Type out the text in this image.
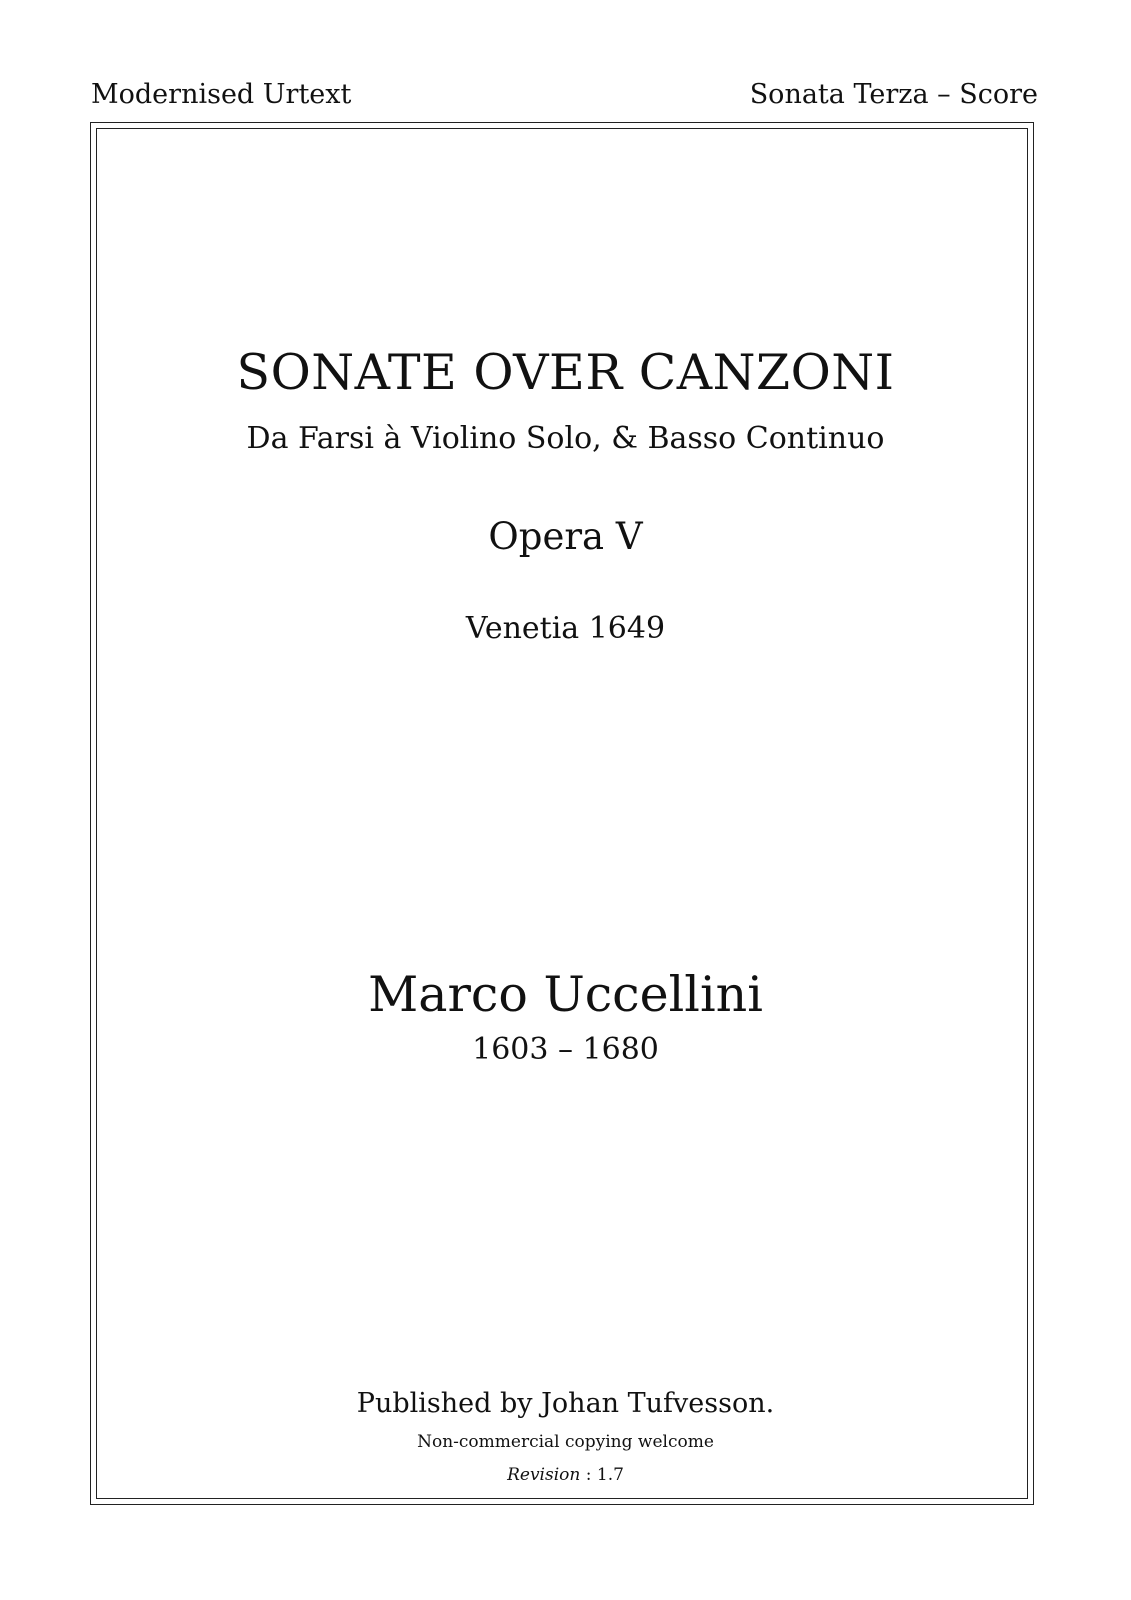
Modernised Urtext	Sonata Terza – Score
SONATE OVER CANZONI
Da Farsi à Violino Solo, & Basso Continuo
Opera V
Venetia 1649
Marco Uccellini
1603 – 1680
Published by Johan Tufvesson.
Non-commercial copying welcome
Revision : 1.7
